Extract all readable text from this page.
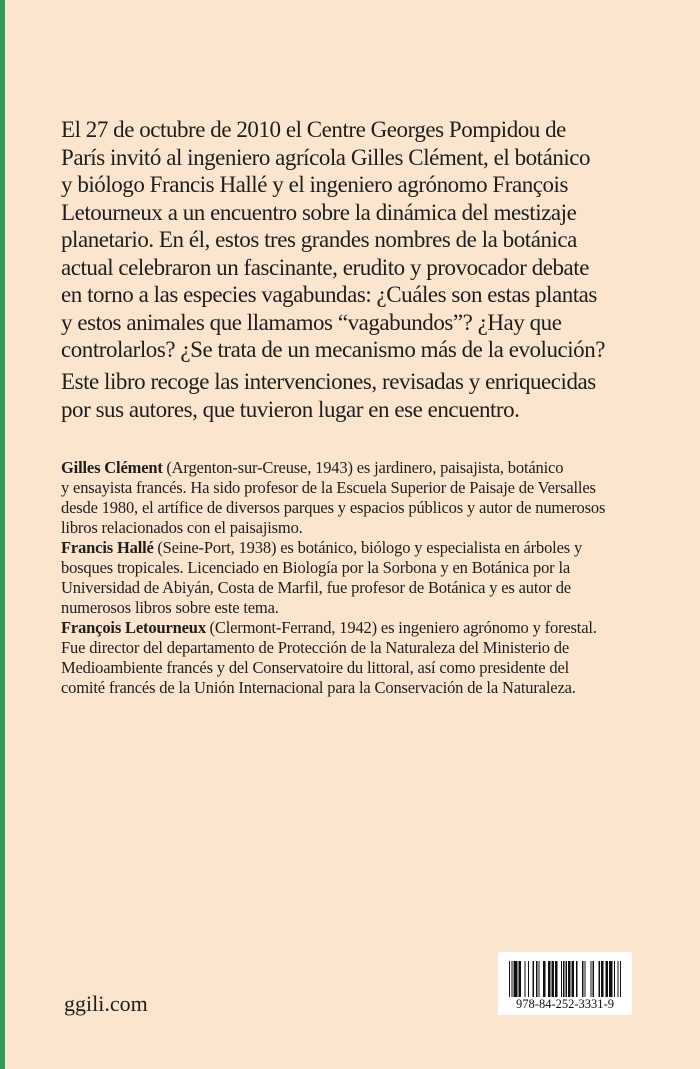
El 27 de octubre de 2010 el Centre Georges Pompidou de
París invitó al ingeniero agrícola Gilles Clément, el botánico
y biólogo Francis Hallé y el ingeniero agrónomo François
Letourneux a un encuentro sobre la dinámica del mestizaje
planetario. En él, estos tres grandes nombres de la botánica
actual celebraron un fascinante, erudito y provocador debate
en torno a las especies vagabundas: ¿Cuáles son estas plantas
y estos animales que llamamos “vagabundos”? ¿Hay que
controlarlos? ¿Se trata de un mecanismo más de la evolución?
Este libro recoge las intervenciones, revisadas y enriquecidas
por sus autores, que tuvieron lugar en ese encuentro.
Gilles Clément (Argenton-sur-Creuse, 1943) es jardinero, paisajista, botánico
y ensayista francés. Ha sido profesor de la Escuela Superior de Paisaje de Versalles
desde 1980, el artífice de diversos parques y espacios públicos y autor de numerosos
libros relacionados con el paisajismo.
Francis Hallé (Seine-Port, 1938) es botánico, biólogo y especialista en árboles y
bosques tropicales. Licenciado en Biología por la Sorbona y en Botánica por la
Universidad de Abiyán, Costa de Marfil, fue profesor de Botánica y es autor de
numerosos libros sobre este tema.
François Letourneux (Clermont-Ferrand, 1942) es ingeniero agrónomo y forestal.
Fue director del departamento de Protección de la Naturaleza del Ministerio de
Medioambiente francés y del Conservatoire du littoral, así como presidente del
comité francés de la Unión Internacional para la Conservación de la Naturaleza.
ggili.com	978-84-252-3331-9
